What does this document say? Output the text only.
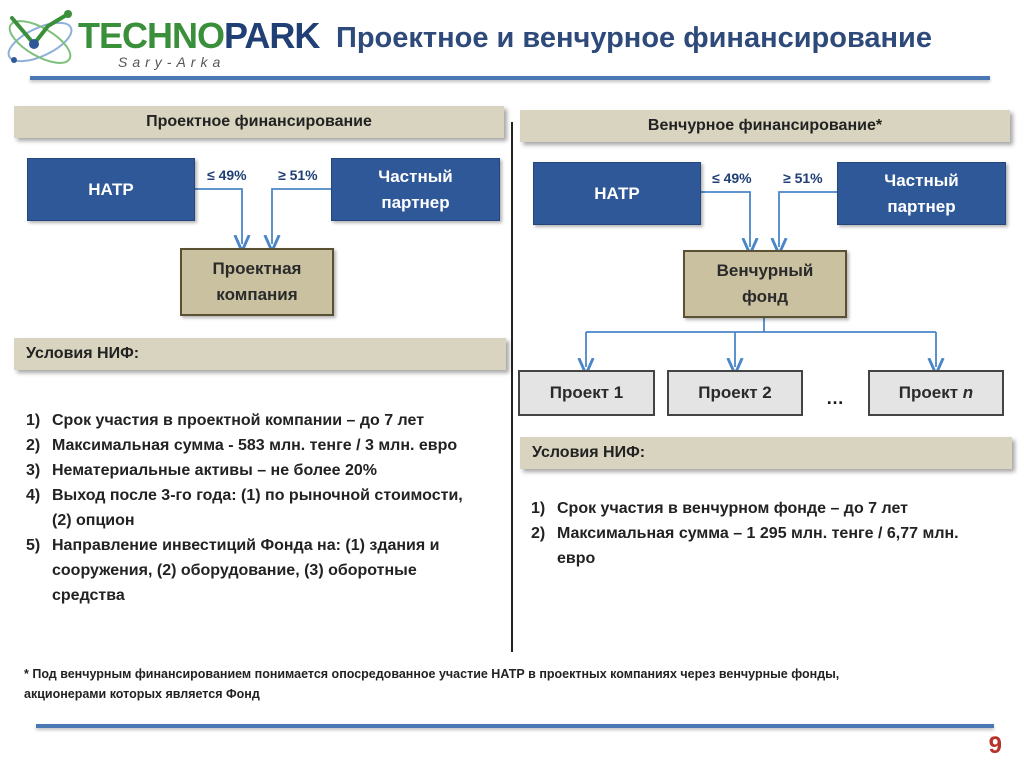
TECHNOPARK
Sary-Arka
Проектное и венчурное финансирование
Проектное финансирование
НАТР
Частный
партнер
≤ 49% ≥ 51%
Проектная
компания
Условия НИФ:
1) Срок участия в проектной компании – до 7 лет
2) Максимальная сумма - 583 млн. тенге / 3 млн. евро
3) Нематериальные активы – не более 20%
4) Выход после 3-го года: (1) по рыночной стоимости, (2) опцион
5) Направление инвестиций Фонда на: (1) здания и сооружения, (2) оборудование, (3) оборотные средства
Венчурное финансирование*
НАТР
Частный
партнер
≤ 49% ≥ 51%
Венчурный
фонд
Проект 1	Проект 2	…	Проект n
Условия НИФ:
1) Срок участия в венчурном фонде – до 7 лет
2) Максимальная сумма – 1 295 млн. тенге / 6,77 млн. евро
* Под венчурным финансированием понимается опосредованное участие НАТР в проектных компаниях через венчурные фонды,
акционерами которых является Фонд
9
